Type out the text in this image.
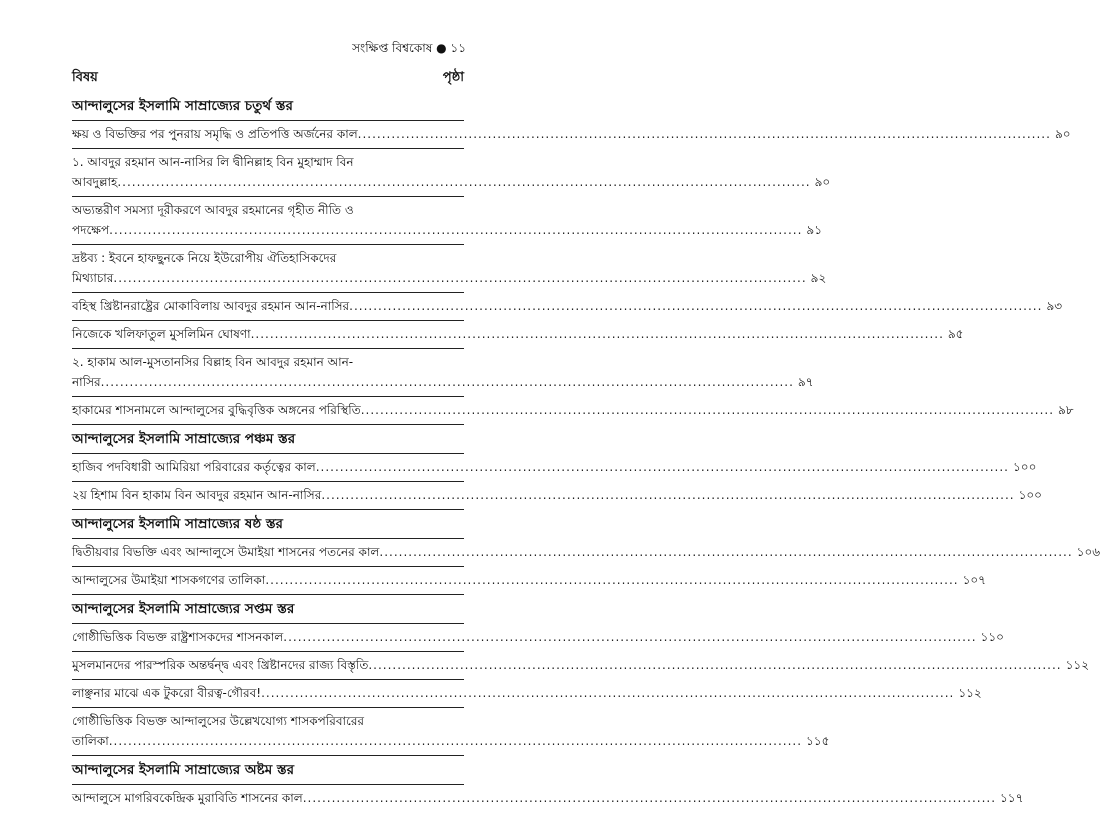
সংক্ষিপ্ত বিশ্বকোষ ● ১১
বিষয়	পৃষ্ঠা
আন্দালুসের ইসলামি সাম্রাজ্যের চতুর্থ স্তর
ক্ষয় ও বিভক্তির পর পুনরায় সমৃদ্ধি ও প্রতিপত্তি অর্জনের কাল .....	৯০
১. আবদুর রহমান আন-নাসির লি দ্বীনিল্লাহ বিন মুহাম্মাদ বিন
আবদুল্লাহ .....	৯০
অভ্যন্তরীণ সমস্যা দূরীকরণে আবদুর রহমানের গৃহীত নীতি ও
পদক্ষেপ .....	৯১
দ্রষ্টব্য : ইবনে হাফছুনকে নিয়ে ইউরোপীয় ঐতিহাসিকদের
মিথ্যাচার .....	৯২
বহিস্থ খ্রিষ্টানরাষ্ট্রের মোকাবিলায় আবদুর রহমান আন-নাসির .....	৯৩
নিজেকে খলিফাতুল মুসলিমিন ঘোষণা .....	৯৫
২. হাকাম আল-মুসতানসির বিল্লাহ বিন আবদুর রহমান আন-
নাসির .....	৯৭
হাকামের শাসনামলে আন্দালুসের বুদ্ধিবৃত্তিক অঙ্গনের পরিস্থিতি .....	৯৮
আন্দালুসের ইসলামি সাম্রাজ্যের পঞ্চম স্তর
হাজিব পদবিধারী আমিরিয়া পরিবারের কর্তৃত্বের কাল .....	১০০
২য় হিশাম বিন হাকাম বিন আবদুর রহমান আন-নাসির .....	১০০
আন্দালুসের ইসলামি সাম্রাজ্যের ষষ্ঠ স্তর
দ্বিতীয়বার বিভক্তি এবং আন্দালুসে উমাইয়া শাসনের পতনের কাল .....	১০৬
আন্দালুসের উমাইয়া শাসকগণের তালিকা .....	১০৭
আন্দালুসের ইসলামি সাম্রাজ্যের সপ্তম স্তর
গোষ্ঠীভিত্তিক বিভক্ত রাষ্ট্রশাসকদের শাসনকাল .....	১১০
মুসলমানদের পারস্পরিক অন্তর্দ্বন্দ্ব এবং খ্রিষ্টানদের রাজ্য বিস্তৃতি .....	১১২
লাঞ্ছনার মাঝে এক টুকরো বীরত্ব-গৌরব! .....	১১২
গোষ্ঠীভিত্তিক বিভক্ত আন্দালুসের উল্লেখযোগ্য শাসকপরিবারের
তালিকা .....	১১৫
আন্দালুসের ইসলামি সাম্রাজ্যের অষ্টম স্তর
আন্দালুসে মাগরিবকেন্দ্রিক মুরাবিতি শাসনের কাল .....	১১৭
